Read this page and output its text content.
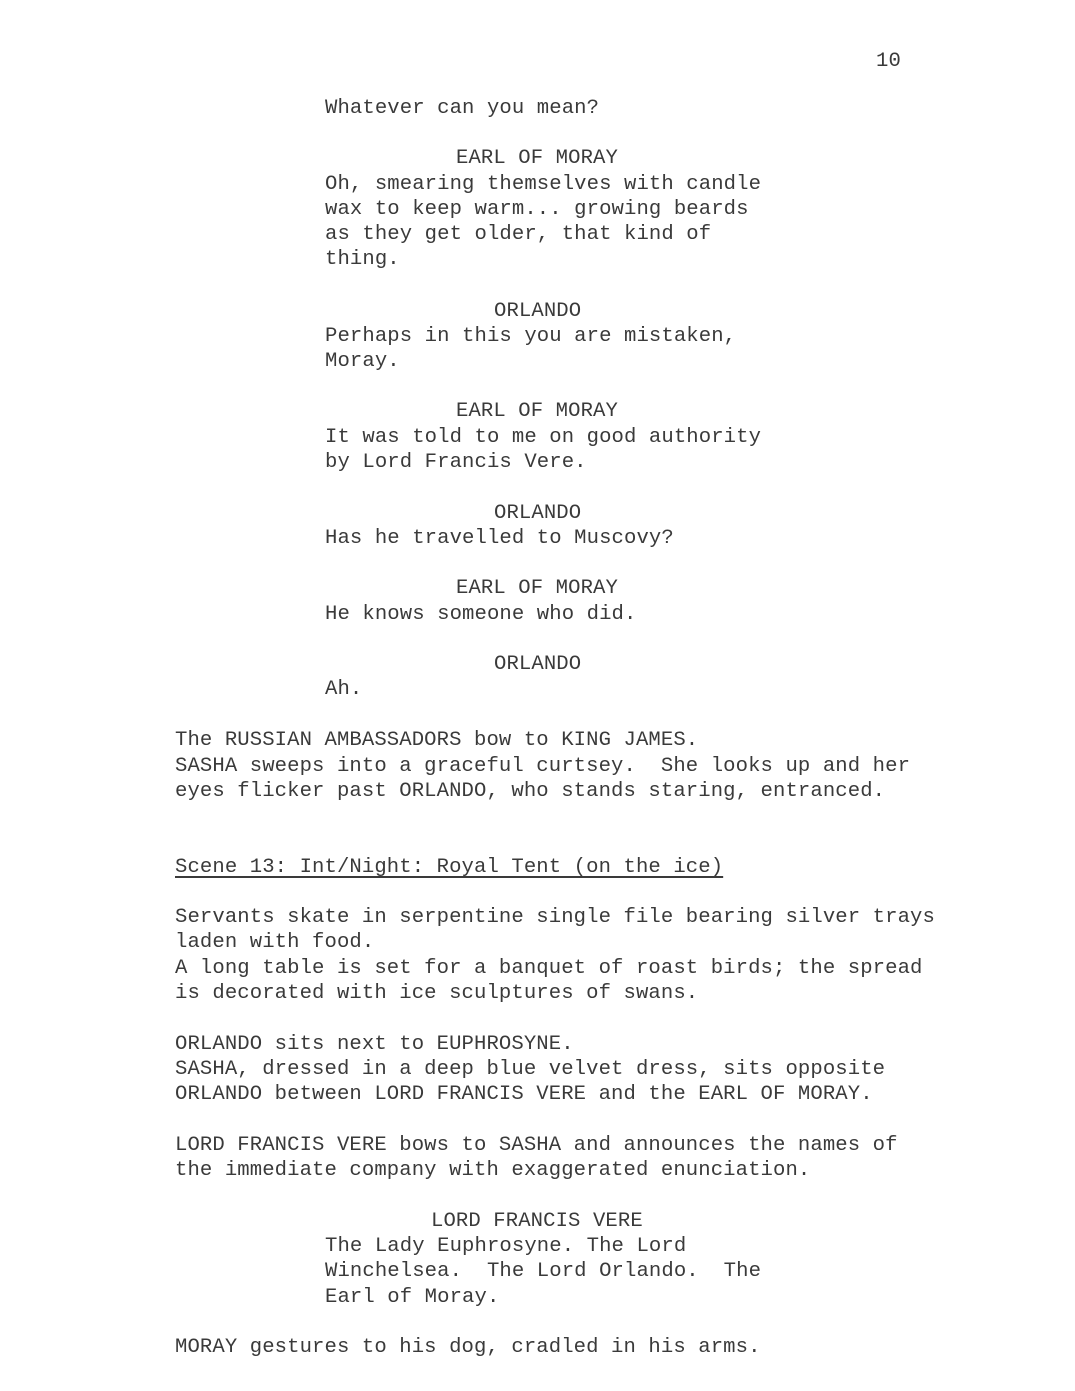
10
Whatever can you mean?
EARL OF MORAY
Oh, smearing themselves with candle
wax to keep warm... growing beards
as they get older, that kind of
thing.
ORLANDO
Perhaps in this you are mistaken,
Moray.
EARL OF MORAY
It was told to me on good authority
by Lord Francis Vere.
ORLANDO
Has he travelled to Muscovy?
EARL OF MORAY
He knows someone who did.
ORLANDO
Ah.
The RUSSIAN AMBASSADORS bow to KING JAMES.
SASHA sweeps into a graceful curtsey.  She looks up and her
eyes flicker past ORLANDO, who stands staring, entranced.
Scene 13: Int/Night: Royal Tent (on the ice)
Servants skate in serpentine single file bearing silver trays
laden with food.
A long table is set for a banquet of roast birds; the spread
is decorated with ice sculptures of swans.
ORLANDO sits next to EUPHROSYNE.
SASHA, dressed in a deep blue velvet dress, sits opposite
ORLANDO between LORD FRANCIS VERE and the EARL OF MORAY.
LORD FRANCIS VERE bows to SASHA and announces the names of
the immediate company with exaggerated enunciation.
LORD FRANCIS VERE
The Lady Euphrosyne. The Lord
Winchelsea.  The Lord Orlando.  The
Earl of Moray.
MORAY gestures to his dog, cradled in his arms.
